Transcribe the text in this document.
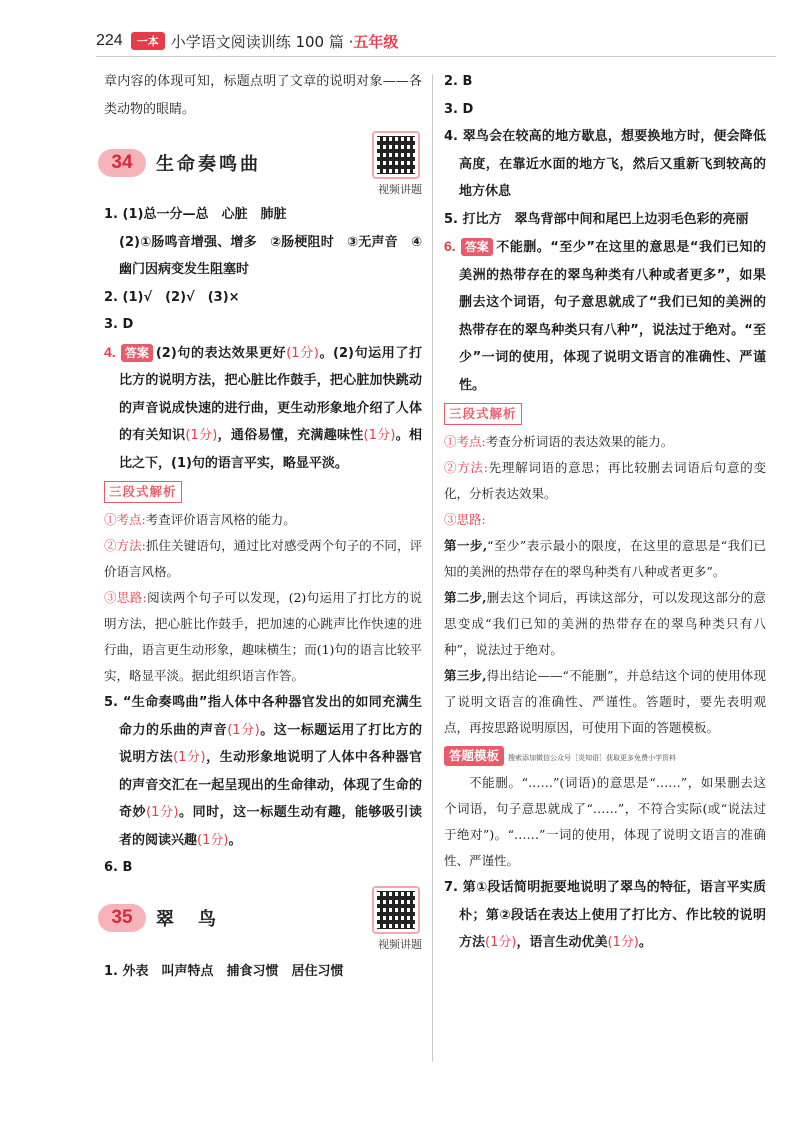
224	一本 小学语文阅读训练 100 篇 · 五年级
章内容的体现可知，标题点明了文章的说明对象——各类动物的眼睛。
34	生命奏鸣曲
视频讲题
1. (1)总一分—总　心脏　肺脏
(2)①肠鸣音增强、增多　②肠梗阻时　③无声音　④幽门因病变发生阻塞时
2. (1)√　(2)√　(3)×
3. D
4. 答案 (2)句的表达效果更好(1分)。(2)句运用了打比方的说明方法，把心脏比作鼓手，把心脏加快跳动的声音说成快速的进行曲，更生动形象地介绍了人体的有关知识(1分)，通俗易懂，充满趣味性(1分)。相比之下，(1)句的语言平实，略显平淡。
三段式解析
①考点:考查评价语言风格的能力。
②方法:抓住关键语句，通过比对感受两个句子的不同，评价语言风格。
③思路:阅读两个句子可以发现，(2)句运用了打比方的说明方法，把心脏比作鼓手，把加速的心跳声比作快速的进行曲，语言更生动形象，趣味横生；而(1)句的语言比较平实，略显平淡。据此组织语言作答。
5. “生命奏鸣曲”指人体中各种器官发出的如同充满生命力的乐曲的声音(1分)。这一标题运用了打比方的说明方法(1分)，生动形象地说明了人体中各种器官的声音交汇在一起呈现出的生命律动，体现了生命的奇妙(1分)。同时，这一标题生动有趣，能够吸引读者的阅读兴趣(1分)。
6. B
35	翠　鸟
视频讲题
1. 外表　叫声特点　捕食习惯　居住习惯
2. B
3. D
4. 翠鸟会在较高的地方歇息，想要换地方时，便会降低高度，在靠近水面的地方飞，然后又重新飞到较高的地方休息
5. 打比方　翠鸟背部中间和尾巴上边羽毛色彩的亮丽
6. 答案 不能删。“至少”在这里的意思是“我们已知的美洲的热带存在的翠鸟种类有八种或者更多”，如果删去这个词语，句子意思就成了“我们已知的美洲的热带存在的翠鸟种类只有八种”，说法过于绝对。“至少”一词的使用，体现了说明文语言的准确性、严谨性。
三段式解析
①考点:考查分析词语的表达效果的能力。
②方法:先理解词语的意思；再比较删去词语后句意的变化，分析表达效果。
③思路:
第一步,“至少”表示最小的限度，在这里的意思是“我们已知的美洲的热带存在的翠鸟种类有八种或者更多”。
第二步,删去这个词后，再读这部分，可以发现这部分的意思变成“我们已知的美洲的热带存在的翠鸟种类只有八种”，说法过于绝对。
第三步,得出结论——“不能删”，并总结这个词的使用体现了说明文语言的准确性、严谨性。答题时，要先表明观点，再按思路说明原因，可使用下面的答题模板。
答题模板 搜索添加微信公众号［炎知语］获取更多免费小学资料
不能删。“……”(词语)的意思是“……”，如果删去这个词语，句子意思就成了“……”，不符合实际(或“说法过于绝对”)。“……”一词的使用，体现了说明文语言的准确性、严谨性。
7. 第①段话简明扼要地说明了翠鸟的特征，语言平实质朴；第②段话在表达上使用了打比方、作比较的说明方法(1分)，语言生动优美(1分)。
